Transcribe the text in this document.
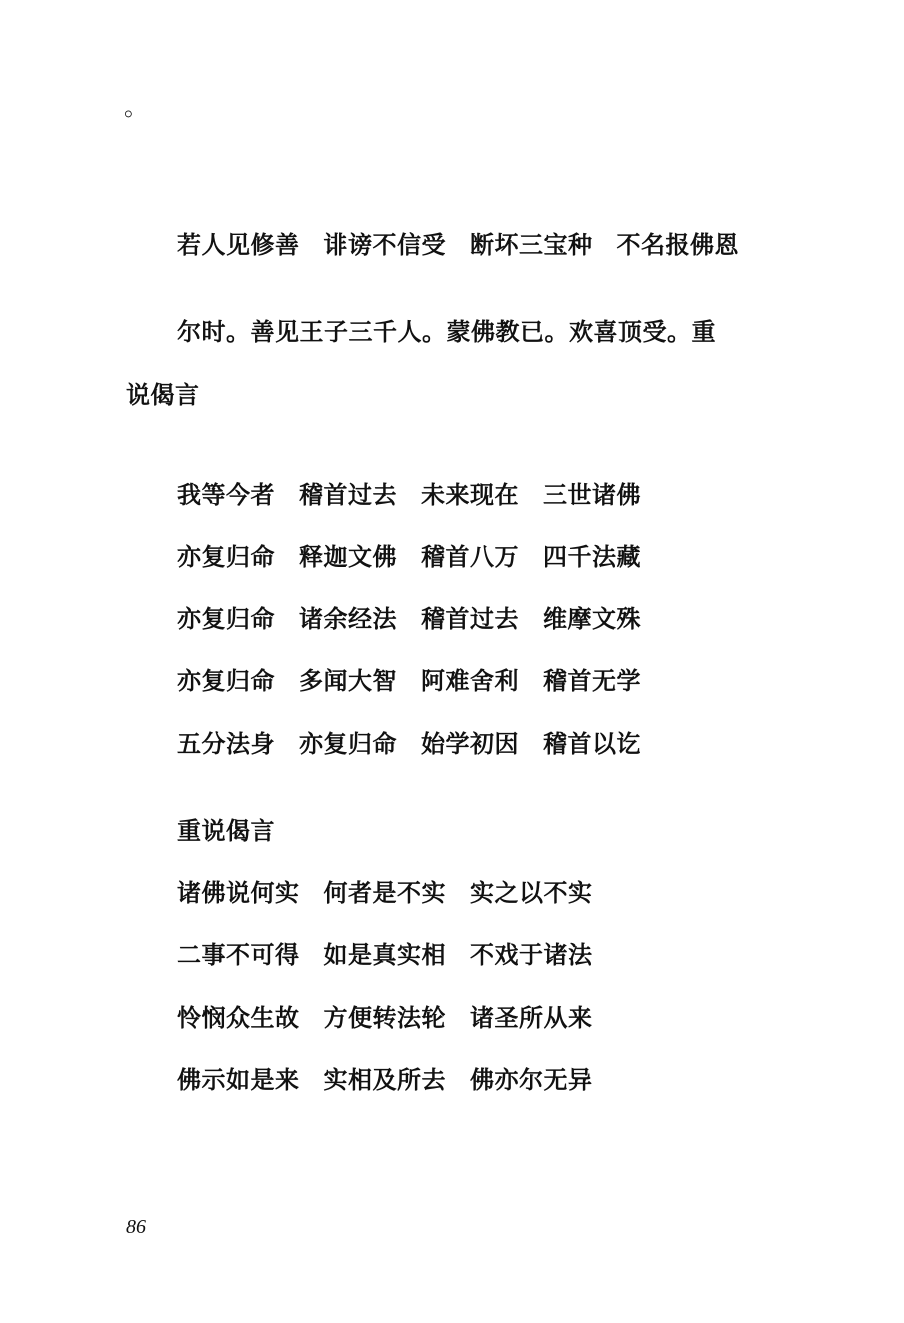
。
若人见修善 诽谤不信受 断坏三宝种 不名报佛恩
尔时。善见王子三千人。蒙佛教已。欢喜顶受。重
说偈言
我等今者 稽首过去 未来现在 三世诸佛
亦复归命 释迦文佛 稽首八万 四千法藏
亦复归命 诸余经法 稽首过去 维摩文殊
亦复归命 多闻大智 阿难舍利 稽首无学
五分法身 亦复归命 始学初因 稽首以讫
重说偈言
诸佛说何实 何者是不实 实之以不实
二事不可得 如是真实相 不戏于诸法
怜悯众生故 方便转法轮 诸圣所从来
佛示如是来 实相及所去 佛亦尔无异
86
